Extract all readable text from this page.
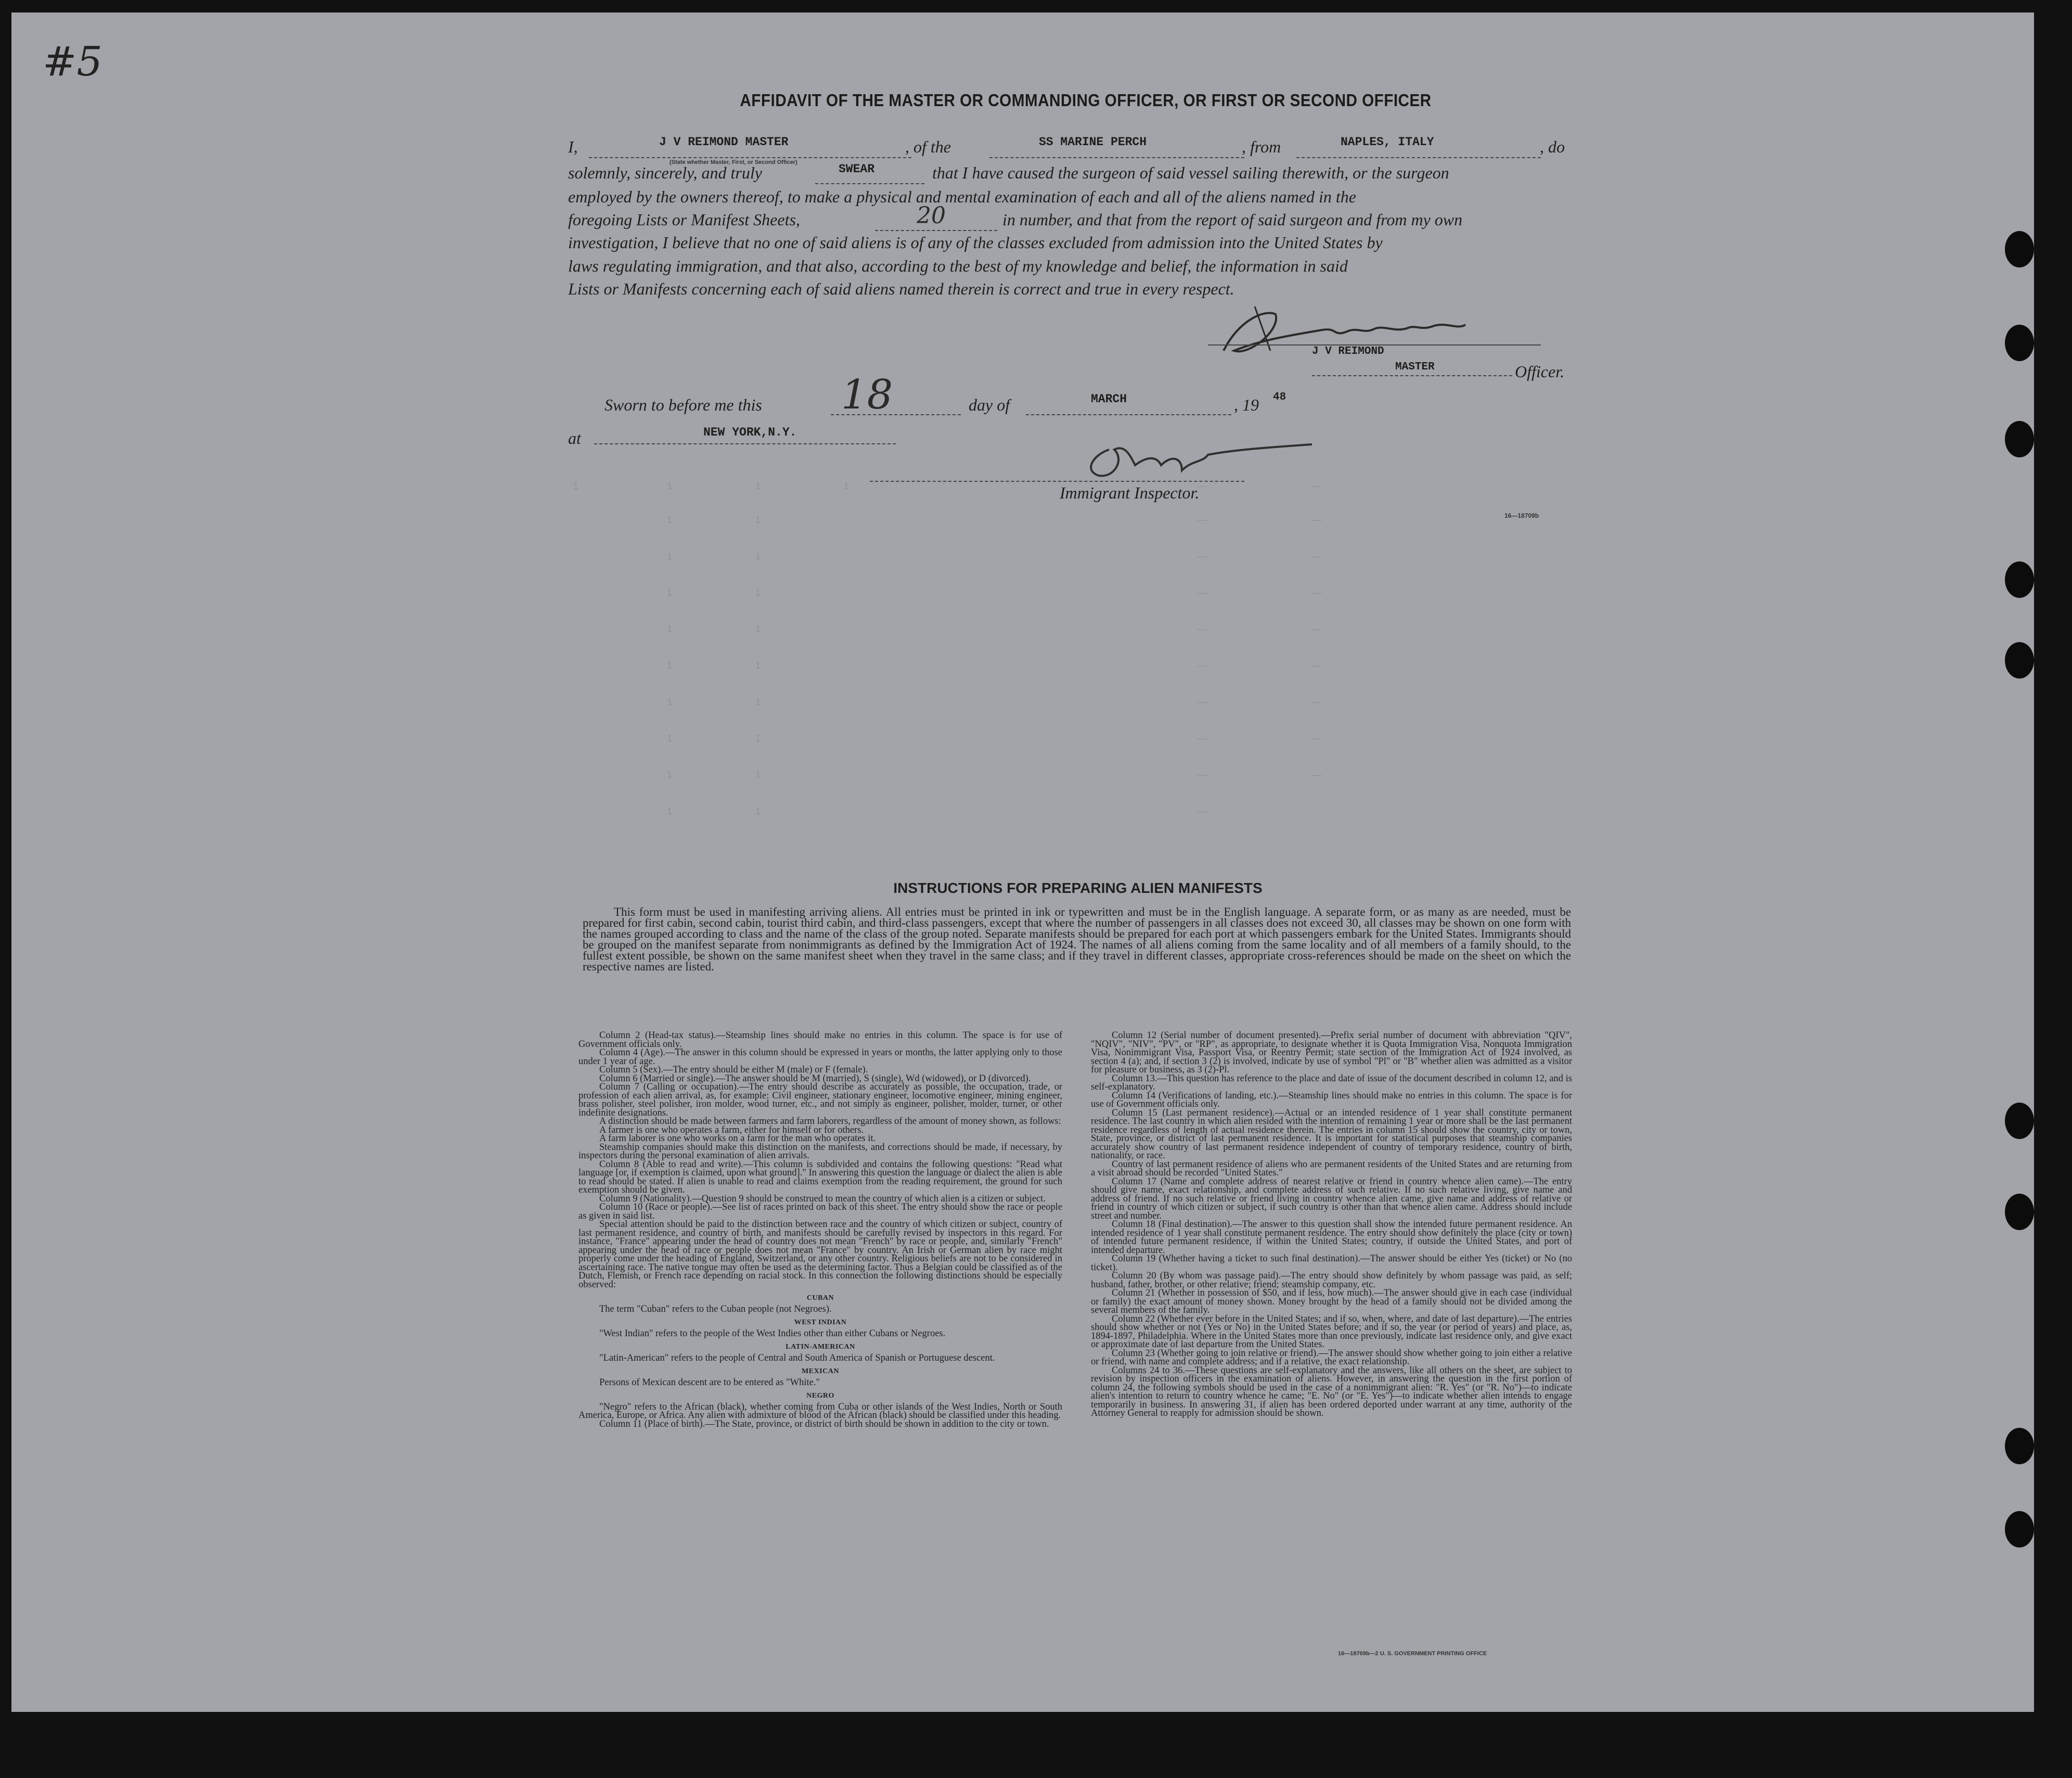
#5
AFFIDAVIT OF THE MASTER OR COMMANDING OFFICER, OR FIRST OR SECOND OFFICER
I,	J V REIMOND MASTER
(State whether Master, First, or Second Officer)
, of the	SS MARINE PERCH	, from	NAPLES, ITALY	, do
solemnly, sincerely, and truly	SWEAR	that I have caused the surgeon of said vessel sailing therewith, or the surgeon
employed by the owners thereof, to make a physical and mental examination of each and all of the aliens named in the
foregoing Lists or Manifest Sheets,	20	in number, and that from the report of said surgeon and from my own
investigation, I believe that no one of said aliens is of any of the classes excluded from admission into the United States by
laws regulating immigration, and that also, according to the best of my knowledge and belief, the information in said
Lists or Manifests concerning each of said aliens named therein is correct and true in every respect.
J V REIMOND
MASTER	Officer.
Sworn to before me this 18	day of	MARCH	, 19 48
at	NEW YORK,N.Y.
Immigrant Inspector.
16—18709b
1	1	1	1	—	—
1	1	—	—
1	1	—	—
1	1	—	—
1	1	—	—
1	1	—	—
1	1	—	—
1	1	—	—
1	1	—	—
1	1	—
INSTRUCTIONS FOR PREPARING ALIEN MANIFESTS
This form must be used in manifesting arriving aliens. All entries must be printed in ink or typewritten and must be in the English language. A separate form, or as many as are needed, must be prepared for first cabin, second cabin, tourist third cabin, and third-class passengers, except that where the number of passengers in all classes does not exceed 30, all classes may be shown on one form with the names grouped according to class and the name of the class of the group noted. Separate manifests should be prepared for each port at which passengers embark for the United States. Immigrants should be grouped on the manifest separate from nonimmigrants as defined by the Immigration Act of 1924. The names of all aliens coming from the same locality and of all members of a family should, to the fullest extent possible, be shown on the same manifest sheet when they travel in the same class; and if they travel in different classes, appropriate cross-references should be made on the sheet on which the respective names are listed.

Column 2 (Head-tax status).—Steamship lines should make no entries in this column. The space is for use of Government officials only.

Column 4 (Age).—The answer in this column should be expressed in years or months, the latter applying only to those under 1 year of age.

Column 5 (Sex).—The entry should be either M (male) or F (female).

Column 6 (Married or single).—The answer should be M (married), S (single), Wd (widowed), or D (divorced).

Column 7 (Calling or occupation).—The entry should describe as accurately as possible, the occupation, trade, or profession of each alien arrival, as, for example: Civil engineer, stationary engineer, locomotive engineer, mining engineer, brass polisher, steel polisher, iron molder, wood turner, etc., and not simply as engineer, polisher, molder, turner, or other indefinite designations.

A distinction should be made between farmers and farm laborers, regardless of the amount of money shown, as follows:

A farmer is one who operates a farm, either for himself or for others.

A farm laborer is one who works on a farm for the man who operates it.

Steamship companies should make this distinction on the manifests, and corrections should be made, if necessary, by inspectors during the personal examination of alien arrivals.

Column 8 (Able to read and write).—This column is subdivided and contains the following questions: "Read what language [or, if exemption is claimed, upon what ground]." In answering this question the language or dialect the alien is able to read should be stated. If alien is unable to read and claims exemption from the reading requirement, the ground for such exemption should be given.

Column 9 (Nationality).—Question 9 should be construed to mean the country of which alien is a citizen or subject.

Column 10 (Race or people).—See list of races printed on back of this sheet. The entry should show the race or people as given in said list.

Special attention should be paid to the distinction between race and the country of which citizen or subject, country of last permanent residence, and country of birth, and manifests should be carefully revised by inspectors in this regard. For instance, "France" appearing under the head of country does not mean "French" by race or people, and, similarly "French" appearing under the head of race or people does not mean "France" by country. An Irish or German alien by race might properly come under the heading of England, Switzerland, or any other country. Religious beliefs are not to be considered in ascertaining race. The native tongue may often be used as the determining factor. Thus a Belgian could be classified as of the Dutch, Flemish, or French race depending on racial stock. In this connection the following distinctions should be especially observed:

CUBAN

The term "Cuban" refers to the Cuban people (not Negroes).

WEST INDIAN

"West Indian" refers to the people of the West Indies other than either Cubans or Negroes.

LATIN-AMERICAN

"Latin-American" refers to the people of Central and South America of Spanish or Portuguese descent.

MEXICAN

Persons of Mexican descent are to be entered as "White."

NEGRO

"Negro" refers to the African (black), whether coming from Cuba or other islands of the West Indies, North or South America, Europe, or Africa. Any alien with admixture of blood of the African (black) should be classified under this heading.

Column 11 (Place of birth).—The State, province, or district of birth should be shown in addition to the city or town.

Column 12 (Serial number of document presented).—Prefix serial number of document with abbreviation "QIV", "NQIV", "NIV", "PV", or "RP", as appropriate, to designate whether it is Quota Immigration Visa, Nonquota Immigration Visa, Nonimmigrant Visa, Passport Visa, or Reentry Permit; state section of the Immigration Act of 1924 involved, as section 4 (a); and, if section 3 (2) is involved, indicate by use of symbol "Pl" or "B" whether alien was admitted as a visitor for pleasure or business, as 3 (2)-Pl.

Column 13.—This question has reference to the place and date of issue of the document described in column 12, and is self-explanatory.

Column 14 (Verifications of landing, etc.).—Steamship lines should make no entries in this column. The space is for use of Government officials only.

Column 15 (Last permanent residence).—Actual or an intended residence of 1 year shall constitute permanent residence. The last country in which alien resided with the intention of remaining 1 year or more shall be the last permanent residence regardless of length of actual residence therein. The entries in column 15 should show the country, city or town, State, province, or district of last permanent residence. It is important for statistical purposes that steamship companies accurately show country of last permanent residence independent of country of temporary residence, country of birth, nationality, or race.

Country of last permanent residence of aliens who are permanent residents of the United States and are returning from a visit abroad should be recorded "United States."

Column 17 (Name and complete address of nearest relative or friend in country whence alien came).—The entry should give name, exact relationship, and complete address of such relative. If no such relative living, give name and address of friend. If no such relative or friend living in country whence alien came, give name and address of relative or friend in country of which citizen or subject, if such country is other than that whence alien came. Address should include street and number.

Column 18 (Final destination).—The answer to this question shall show the intended future permanent residence. An intended residence of 1 year shall constitute permanent residence. The entry should show definitely the place (city or town) of intended future permanent residence, if within the United States; country, if outside the United States, and port of intended departure.

Column 19 (Whether having a ticket to such final destination).—The answer should be either Yes (ticket) or No (no ticket).

Column 20 (By whom was passage paid).—The entry should show definitely by whom passage was paid, as self; husband, father, brother, or other relative; friend; steamship company, etc.

Column 21 (Whether in possession of $50, and if less, how much).—The answer should give in each case (individual or family) the exact amount of money shown. Money brought by the head of a family should not be divided among the several members of the family.

Column 22 (Whether ever before in the United States; and if so, when, where, and date of last departure).—The entries should show whether or not (Yes or No) in the United States before; and if so, the year (or period of years) and place, as, 1894-1897, Philadelphia. Where in the United States more than once previously, indicate last residence only, and give exact or approximate date of last departure from the United States.

Column 23 (Whether going to join relative or friend).—The answer should show whether going to join either a relative or friend, with name and complete address; and if a relative, the exact relationship.

Columns 24 to 36.—These questions are self-explanatory and the answers, like all others on the sheet, are subject to revision by inspection officers in the examination of aliens. However, in answering the question in the first portion of column 24, the following symbols should be used in the case of a nonimmigrant alien: "R. Yes" (or "R. No")—to indicate alien's intention to return to country whence he came; "E. No" (or "E. Yes")—to indicate whether alien intends to engage temporarily in business. In answering 31, if alien has been ordered deported under warrant at any time, authority of the Attorney General to reapply for admission should be shown.

16—18709b—2 U. S. GOVERNMENT PRINTING OFFICE
